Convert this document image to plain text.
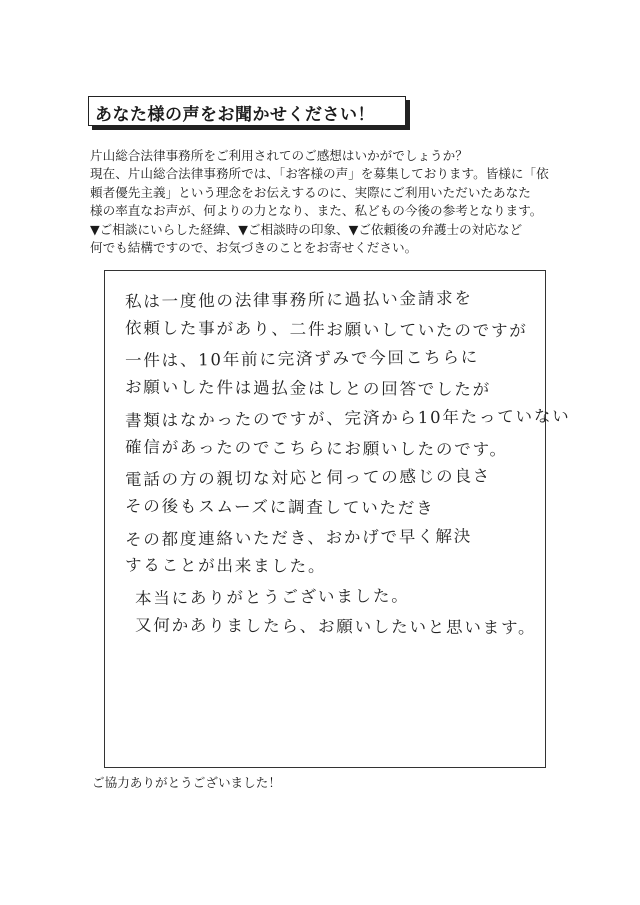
あなた様の声をお聞かせください！
片山総合法律事務所をご利用されてのご感想はいかがでしょうか？
現在、片山総合法律事務所では、「お客様の声」を募集しております。皆様に「依
頼者優先主義」という理念をお伝えするのに、実際にご利用いただいたあなた
様の率直なお声が、何よりの力となり、また、私どもの今後の参考となります。
▼ご相談にいらした経緯、▼ご相談時の印象、▼ご依頼後の弁護士の対応など
何でも結構ですので、お気づきのことをお寄せください。
私は一度他の法律事務所に過払い金請求を
依頼した事があり、二件お願いしていたのですが
一件は、10年前に完済ずみで今回こちらに
お願いした件は過払金はしとの回答でしたが
書類はなかったのですが、完済から10年たっていない
確信があったのでこちらにお願いしたのです。
電話の方の親切な対応と伺っての感じの良さ
その後もスムーズに調査していただき
その都度連絡いただき、おかげで早く解決
することが出来ました。
本当にありがとうございました。
又何かありましたら、お願いしたいと思います。
ご協力ありがとうございました！
